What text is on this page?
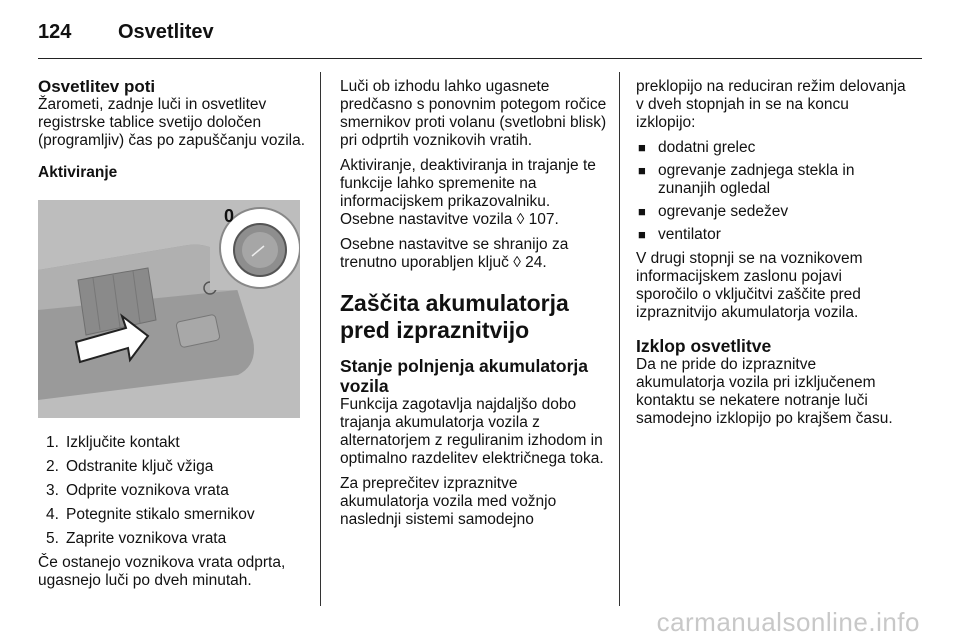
124	Osvetlitev
Osvetlitev poti

Žarometi, zadnje luči in osvetlitev registrske tablice svetijo določen (programljiv) čas po zapuščanju vozila.

Aktiviranje
0
1. Izključite kontakt
2. Odstranite ključ vžiga
3. Odprite voznikova vrata
4. Potegnite stikalo smernikov
5. Zaprite voznikova vrata

Če ostanejo voznikova vrata odprta, ugasnejo luči po dveh minutah.

Luči ob izhodu lahko ugasnete predčasno s ponovnim potegom ročice smernikov proti volanu (svetlobni blisk) pri odprtih voznikovih vratih.

Aktiviranje, deaktiviranja in trajanje te funkcije lahko spremenite na informacijskem prikazovalniku. Osebne nastavitve vozila ◊ 107.

Osebne nastavitve se shranijo za trenutno uporabljen ključ ◊ 24.

Zaščita akumulatorja pred izpraznitvijo
Stanje polnjenja akumulatorja vozila

Funkcija zagotavlja najdaljšo dobo trajanja akumulatorja vozila z alternatorjem z reguliranim izhodom in optimalno razdelitev električnega toka.

Za preprečitev izpraznitve akumulatorja vozila med vožnjo naslednji sistemi samodejno

preklopijo na reduciran režim delovanja v dveh stopnjah in se na koncu izklopijo:

■ dodatni grelec
■ ogrevanje zadnjega stekla in zunanjih ogledal
■ ogrevanje sedežev
■ ventilator

V drugi stopnji se na voznikovem informacijskem zaslonu pojavi sporočilo o vključitvi zaščite pred izpraznitvijo akumulatorja vozila.

Izklop osvetlitve

Da ne pride do izpraznitve akumulatorja vozila pri izključenem kontaktu se nekatere notranje luči samodejno izklopijo po krajšem času.

carmanualsonline.info
